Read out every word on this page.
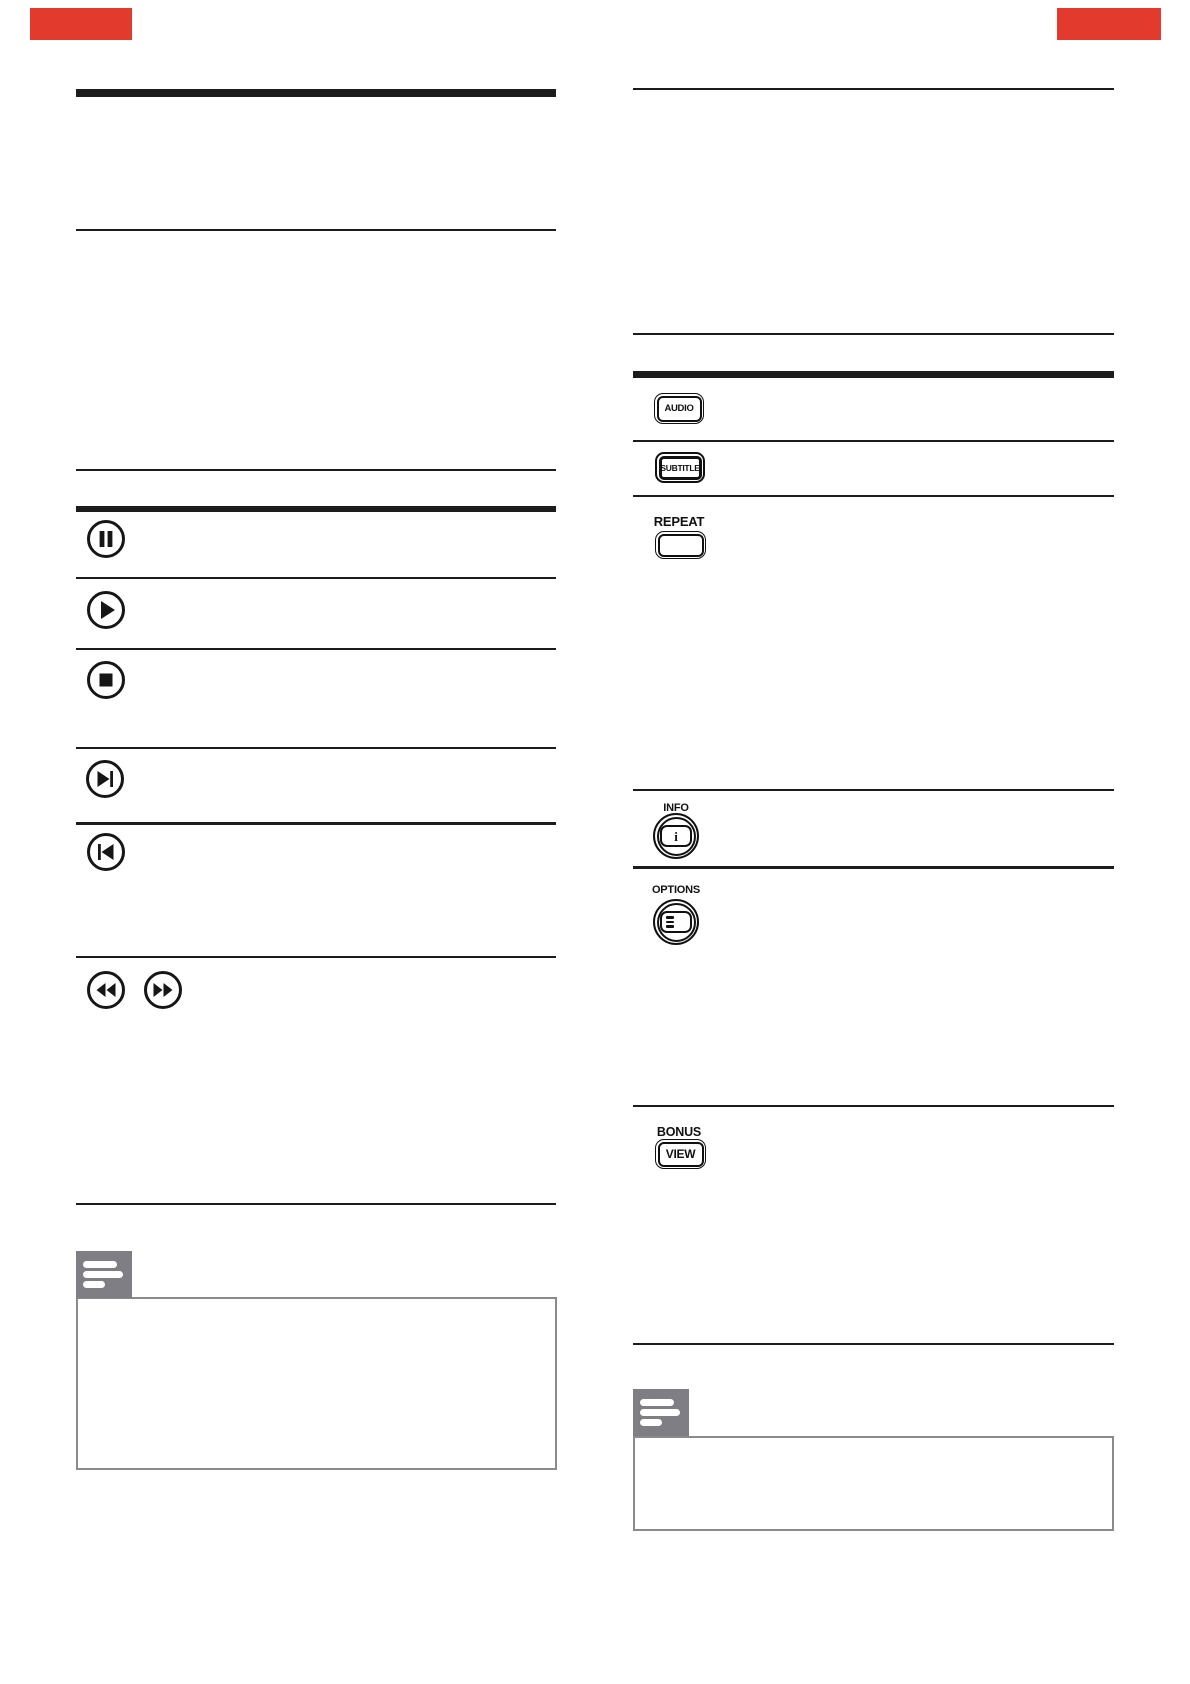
AUDIO
SUBTITLE
REPEAT
INFO
i
OPTIONS
BONUS
VIEW
